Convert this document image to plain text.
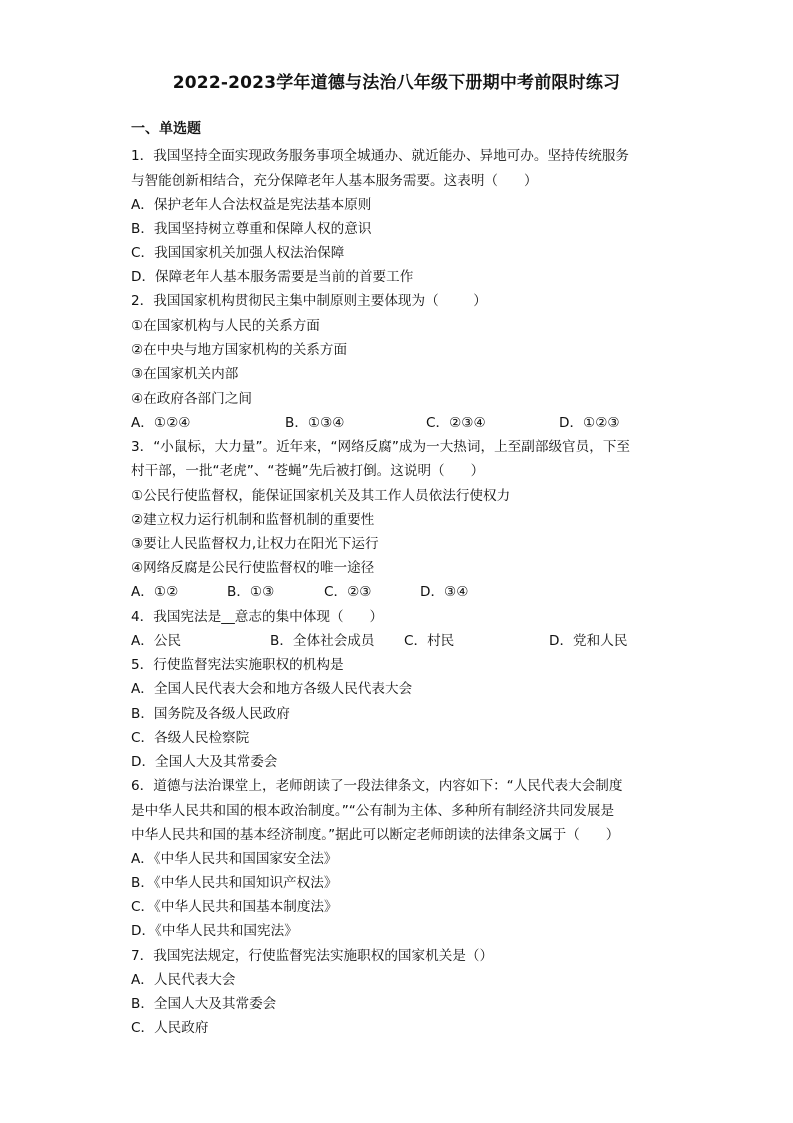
2022-2023学年道德与法治八年级下册期中考前限时练习
一、单选题
1．我国坚持全面实现政务服务事项全城通办、就近能办、异地可办。坚持传统服务
与智能创新相结合，充分保障老年人基本服务需要。这表明（      ）
A．保护老年人合法权益是宪法基本原则
B．我国坚持树立尊重和保障人权的意识
C．我国国家机关加强人权法治保障
D．保障老年人基本服务需要是当前的首要工作
2．我国国家机构贯彻民主集中制原则主要体现为（        ）
①在国家机构与人民的关系方面
②在中央与地方国家机构的关系方面
③在国家机关内部
④在政府各部门之间

A．①②④

	B．①③④

	C．②③④

	D．①②③

3．“小鼠标，大力量”。近年来，“网络反腐”成为一大热词，上至副部级官员，下至
村干部，一批“老虎”、“苍蝇”先后被打倒。这说明（      ）
①公民行使监督权，能保证国家机关及其工作人员依法行使权力
②建立权力运行机制和监督机制的重要性
③要让人民监督权力,让权力在阳光下运行
④网络反腐是公民行使监督权的唯一途径

A．①②

	B．①③

	C．②③

	D．③④

4．我国宪法是__意志的集中体现（      ）

A．公民

	B．全体社会成员

C．村民

	D．党和人民

5．行使监督宪法实施职权的机构是
A．全国人民代表大会和地方各级人民代表大会
B．国务院及各级人民政府
C．各级人民检察院
D．全国人大及其常委会
6．道德与法治课堂上，老师朗读了一段法律条文，内容如下：“人民代表大会制度
是中华人民共和国的根本政治制度。”“公有制为主体、多种所有制经济共同发展是
中华人民共和国的基本经济制度。”据此可以断定老师朗读的法律条文属于（      ）
A．《中华人民共和国国家安全法》
B．《中华人民共和国知识产权法》
C．《中华人民共和国基本制度法》
D．《中华人民共和国宪法》
7．我国宪法规定，行使监督宪法实施职权的国家机关是（）
A．人民代表大会
B．全国人大及其常委会
C．人民政府
